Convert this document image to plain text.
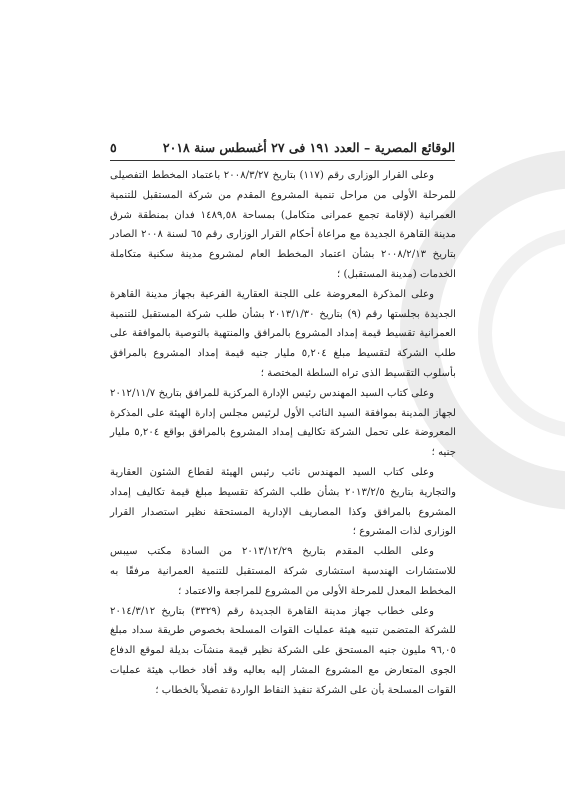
الوقائع المصرية – العدد ١٩١ فى ٢٧ أغسطس سنة ٢٠١٨
٥

وعلى القرار الوزارى رقم (١١٧) بتاريخ ٢٠٠٨/٣/٢٧ باعتماد المخطط التفصيلى للمرحلة الأولى من مراحل تنمية المشروع المقدم من شركة المستقبل للتنمية العمرانية (لإقامة تجمع عمرانى متكامل) بمساحة ١٤٨٩,٥٨ فدان بمنطقة شرق مدينة القاهرة الجديدة مع مراعاة أحكام القرار الوزارى رقم ٦٥ لسنة ٢٠٠٨ الصادر بتاريخ ٢٠٠٨/٢/١٣ بشأن اعتماد المخطط العام لمشروع مدينة سكنية متكاملة الخدمات (مدينة المستقبل) ؛

وعلى المذكرة المعروضة على اللجنة العقارية الفرعية بجهاز مدينة القاهرة الجديدة بجلستها رقم (٩) بتاريخ ٢٠١٣/١/٣٠ بشأن طلب شركة المستقبل للتنمية العمرانية تقسيط قيمة إمداد المشروع بالمرافق والمنتهية بالتوصية بالموافقة على طلب الشركة لتقسيط مبلغ ٥,٢٠٤ مليار جنيه قيمة إمداد المشروع بالمرافق بأسلوب التقسيط الذى تراه السلطة المختصة ؛

وعلى كتاب السيد المهندس رئيس الإدارة المركزية للمرافق بتاريخ ٢٠١٢/١١/٧ لجهاز المدينة بموافقة السيد النائب الأول لرئيس مجلس إدارة الهيئة على المذكرة المعروضة على تحمل الشركة تكاليف إمداد المشروع بالمرافق بواقع ٥,٢٠٤ مليار جنيه ؛

وعلى كتاب السيد المهندس نائب رئيس الهيئة لقطاع الشئون العقارية والتجارية بتاريخ ٢٠١٣/٢/٥ بشأن طلب الشركة تقسيط مبلغ قيمة تكاليف إمداد المشروع بالمرافق وكذا المصاريف الإدارية المستحقة نظير استصدار القرار الوزارى لذات المشروع ؛

وعلى الطلب المقدم بتاريخ ٢٠١٣/١٢/٢٩ من السادة مكتب سيبس للاستشارات الهندسية استشارى شركة المستقبل للتنمية العمرانية مرفقًا به المخطط المعدل للمرحلة الأولى من المشروع للمراجعة والاعتماد ؛

وعلى خطاب جهاز مدينة القاهرة الجديدة رقم (٣٣٢٩) بتاريخ ٢٠١٤/٣/١٢ للشركة المتضمن تنبيه هيئة عمليات القوات المسلحة بخصوص طريقة سداد مبلغ ٩٦,٠٥ مليون جنيه المستحق على الشركة نظير قيمة منشآت بديلة لموقع الدفاع الجوى المتعارض مع المشروع المشار إليه بعاليه وقد أفاد خطاب هيئة عمليات القوات المسلحة بأن على الشركة تنفيذ النقاط الواردة تفصيلاً بالخطاب ؛
